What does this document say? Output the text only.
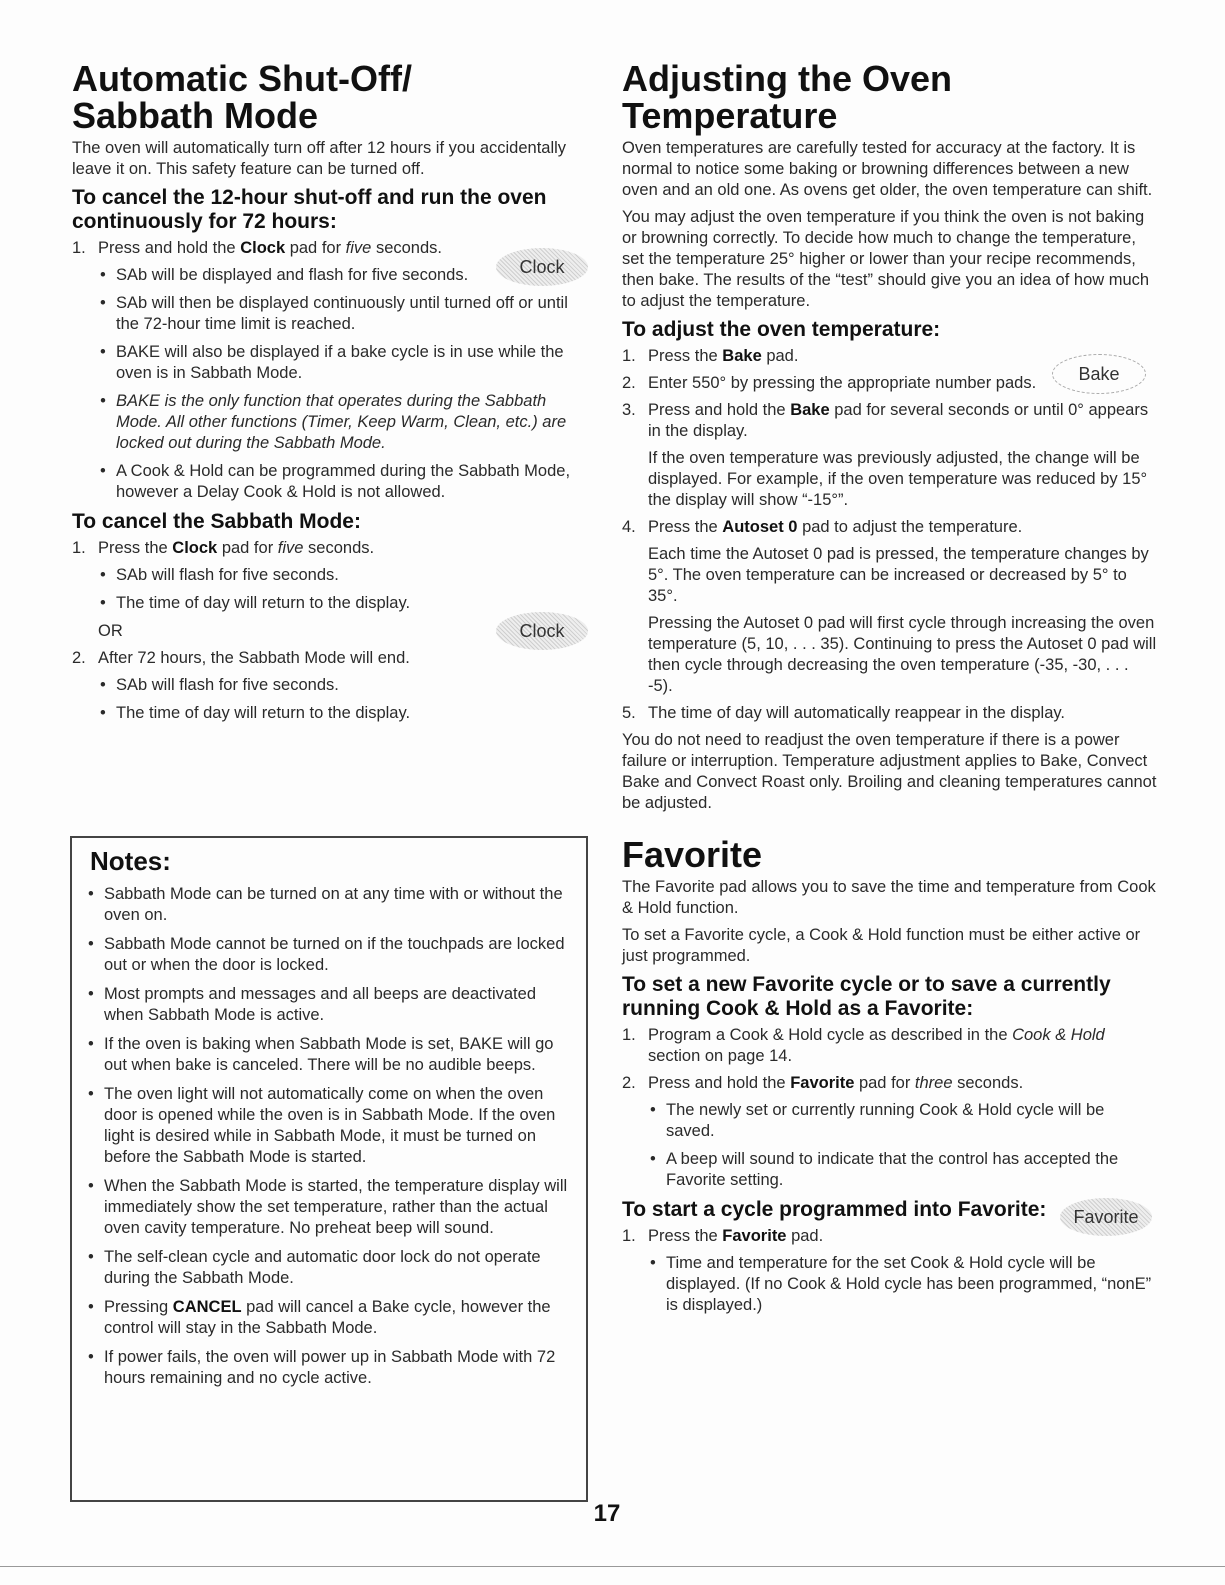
Automatic Shut-Off/
Sabbath Mode

The oven will automatically turn off after 12 hours if you accidentally leave it on. This safety feature can be turned off.

To cancel the 12-hour shut-off and run the oven continuously for 72 hours:
1. Press and hold the Clock pad for five seconds.
• SAb will be displayed and flash for five seconds.
• SAb will then be displayed continuously until turned off or until the 72-hour time limit is reached.
• BAKE will also be displayed if a bake cycle is in use while the oven is in Sabbath Mode.
• BAKE is the only function that operates during the Sabbath Mode. All other functions (Timer, Keep Warm, Clean, etc.) are locked out during the Sabbath Mode.
• A Cook & Hold can be programmed during the Sabbath Mode, however a Delay Cook & Hold is not allowed.
To cancel the Sabbath Mode:
1. Press the Clock pad for five seconds.
• SAb will flash for five seconds.
• The time of day will return to the display.
OR
2. After 72 hours, the Sabbath Mode will end.
• SAb will flash for five seconds.
• The time of day will return to the display.
Clock
Clock
Notes:
• Sabbath Mode can be turned on at any time with or without the oven on.
• Sabbath Mode cannot be turned on if the touchpads are locked out or when the door is locked.
• Most prompts and messages and all beeps are deactivated when Sabbath Mode is active.
• If the oven is baking when Sabbath Mode is set, BAKE will go out when bake is canceled. There will be no audible beeps.
• The oven light will not automatically come on when the oven door is opened while the oven is in Sabbath Mode. If the oven light is desired while in Sabbath Mode, it must be turned on before the Sabbath Mode is started.
• When the Sabbath Mode is started, the temperature display will immediately show the set temperature, rather than the actual oven cavity temperature. No preheat beep will sound.
• The self-clean cycle and automatic door lock do not operate during the Sabbath Mode.
• Pressing CANCEL pad will cancel a Bake cycle, however the control will stay in the Sabbath Mode.
• If power fails, the oven will power up in Sabbath Mode with 72 hours remaining and no cycle active.
Adjusting the Oven Temperature

Oven temperatures are carefully tested for accuracy at the factory. It is normal to notice some baking or browning differences between a new oven and an old one. As ovens get older, the oven temperature can shift.

You may adjust the oven temperature if you think the oven is not baking or browning correctly. To decide how much to change the temperature, set the temperature 25° higher or lower than your recipe recommends, then bake. The results of the “test” should give you an idea of how much to adjust the temperature.

To adjust the oven temperature:
1. Press the Bake pad.
2. Enter 550° by pressing the appropriate number pads.
3. Press and hold the Bake pad for several seconds or until 0° appears in the display.
If the oven temperature was previously adjusted, the change will be displayed. For example, if the oven temperature was reduced by 15° the display will show “-15°”.
4. Press the Autoset 0 pad to adjust the temperature.
Each time the Autoset 0 pad is pressed, the temperature changes by 5°. The oven temperature can be increased or decreased by 5° to 35°.
Pressing the Autoset 0 pad will first cycle through increasing the oven temperature (5, 10, . . . 35). Continuing to press the Autoset 0 pad will then cycle through decreasing the oven temperature (-35, -30, . . . -5).
5. The time of day will automatically reappear in the display.

You do not need to readjust the oven temperature if there is a power failure or interruption. Temperature adjustment applies to Bake, Convect Bake and Convect Roast only. Broiling and cleaning temperatures cannot be adjusted.

Favorite

The Favorite pad allows you to save the time and temperature from Cook & Hold function.

To set a Favorite cycle, a Cook & Hold function must be either active or just programmed.

To set a new Favorite cycle or to save a currently running Cook & Hold as a Favorite:
1. Program a Cook & Hold cycle as described in the Cook & Hold section on page 14.
2. Press and hold the Favorite pad for three seconds.
• The newly set or currently running Cook & Hold cycle will be saved.
• A beep will sound to indicate that the control has accepted the Favorite setting.
To start a cycle programmed into Favorite:
1. Press the Favorite pad.
• Time and temperature for the set Cook & Hold cycle will be displayed. (If no Cook & Hold cycle has been programmed, “nonE” is displayed.)
Bake
Favorite
17
